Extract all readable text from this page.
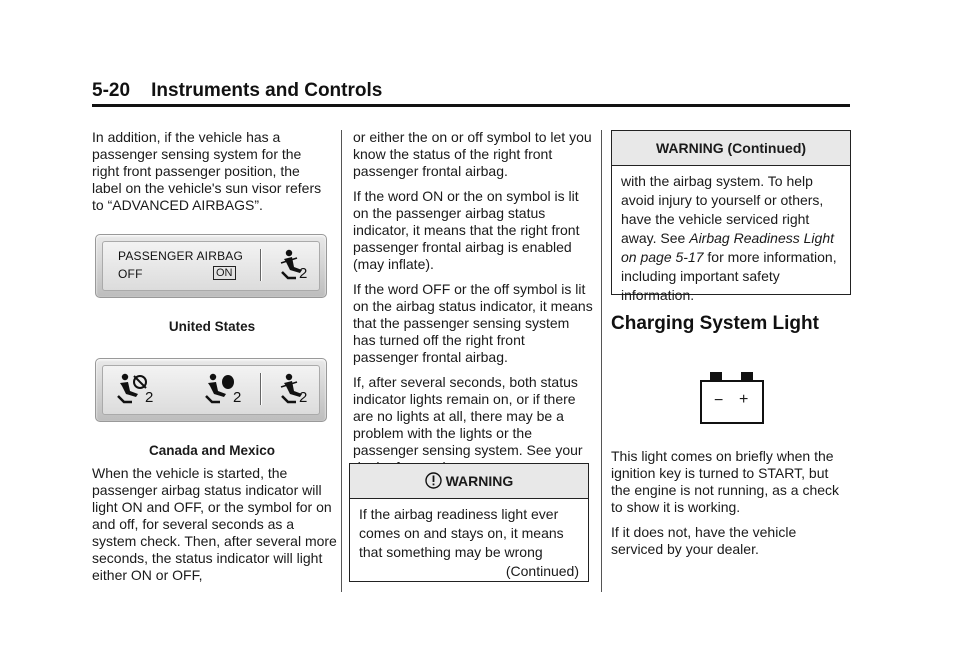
5-20 Instruments and Controls

In addition, if the vehicle has a passenger sensing system for the right front passenger position, the label on the vehicle's sun visor refers to “ADVANCED AIRBAGS”.

PASSENGER AIRBAG
OFF	ON	2
United States
2	2	2
Canada and Mexico

When the vehicle is started, the passenger airbag status indicator will light ON and OFF, or the symbol for on and off, for several seconds as a system check. Then, after several more seconds, the status indicator will light either ON or OFF,

or either the on or off symbol to let you know the status of the right front passenger frontal airbag.

If the word ON or the on symbol is lit on the passenger airbag status indicator, it means that the right front passenger frontal airbag is enabled (may inflate).

If the word OFF or the off symbol is lit on the airbag status indicator, it means that the passenger sensing system has turned off the right front passenger frontal airbag.

If, after several seconds, both status indicator lights remain on, or if there are no lights at all, there may be a problem with the lights or the passenger sensing system. See your

WARNING
If the airbag readiness light ever comes on and stays on, it means that something may be wrong
(Continued)
WARNING (Continued)
with the airbag system. To help avoid injury to yourself or others, have the vehicle serviced right away. See Airbag Readiness Light on page 5-17 for more information, including important safety information.
Charging System Light
− +

This light comes on briefly when the ignition key is turned to START, but the engine is not running, as a check to show it is working.

If it does not, have the vehicle serviced by your dealer.
